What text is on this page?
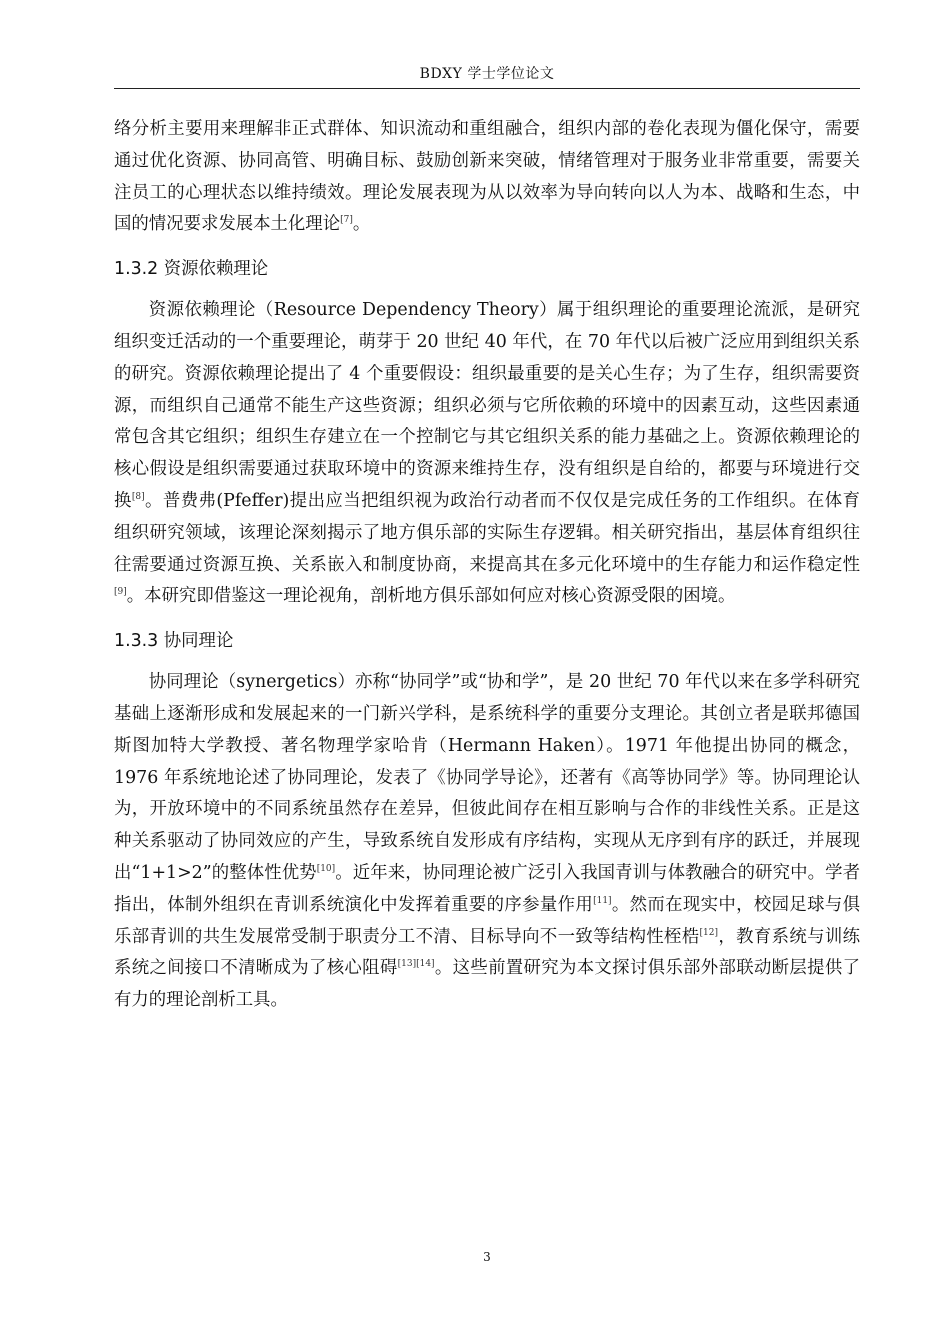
BDXY 学士学位论文

络分析主要用来理解非正式群体、知识流动和重组融合，组织内部的卷化表现为僵化保守，需要通过优化资源、协同高管、明确目标、鼓励创新来突破，情绪管理对于服务业非常重要，需要关注员工的心理状态以维持绩效。理论发展表现为从以效率为导向转向以人为本、战略和生态，中国的情况要求发展本土化理论[7]。

1.3.2 资源依赖理论

资源依赖理论（Resource Dependency Theory）属于组织理论的重要理论流派，是研究组织变迁活动的一个重要理论，萌芽于 20 世纪 40 年代，在 70 年代以后被广泛应用到组织关系的研究。资源依赖理论提出了 4 个重要假设：组织最重要的是关心生存；为了生存，组织需要资源，而组织自己通常不能生产这些资源；组织必须与它所依赖的环境中的因素互动，这些因素通常包含其它组织；组织生存建立在一个控制它与其它组织关系的能力基础之上。资源依赖理论的核心假设是组织需要通过获取环境中的资源来维持生存，没有组织是自给的，都要与环境进行交换[8]。普费弗(Pfeffer)提出应当把组织视为政治行动者而不仅仅是完成任务的工作组织。在体育组织研究领域，该理论深刻揭示了地方俱乐部的实际生存逻辑。相关研究指出，基层体育组织往往需要通过资源互换、关系嵌入和制度协商，来提高其在多元化环境中的生存能力和运作稳定性[9]。本研究即借鉴这一理论视角，剖析地方俱乐部如何应对核心资源受限的困境。

1.3.3 协同理论

协同理论（synergetics）亦称“协同学”或“协和学”，是 20 世纪 70 年代以来在多学科研究基础上逐渐形成和发展起来的一门新兴学科，是系统科学的重要分支理论。其创立者是联邦德国斯图加特大学教授、著名物理学家哈肯（Hermann Haken）。1971 年他提出协同的概念，1976 年系统地论述了协同理论，发表了《协同学导论》，还著有《高等协同学》等。协同理论认为，开放环境中的不同系统虽然存在差异，但彼此间存在相互影响与合作的非线性关系。正是这种关系驱动了协同效应的产生，导致系统自发形成有序结构，实现从无序到有序的跃迁，并展现出“1+1>2”的整体性优势[10]。近年来，协同理论被广泛引入我国青训与体教融合的研究中。学者指出，体制外组织在青训系统演化中发挥着重要的序参量作用[11]。然而在现实中，校园足球与俱乐部青训的共生发展常受制于职责分工不清、目标导向不一致等结构性桎梏[12]，教育系统与训练系统之间接口不清晰成为了核心阻碍[13][14]。这些前置研究为本文探讨俱乐部外部联动断层提供了有力的理论剖析工具。

3
